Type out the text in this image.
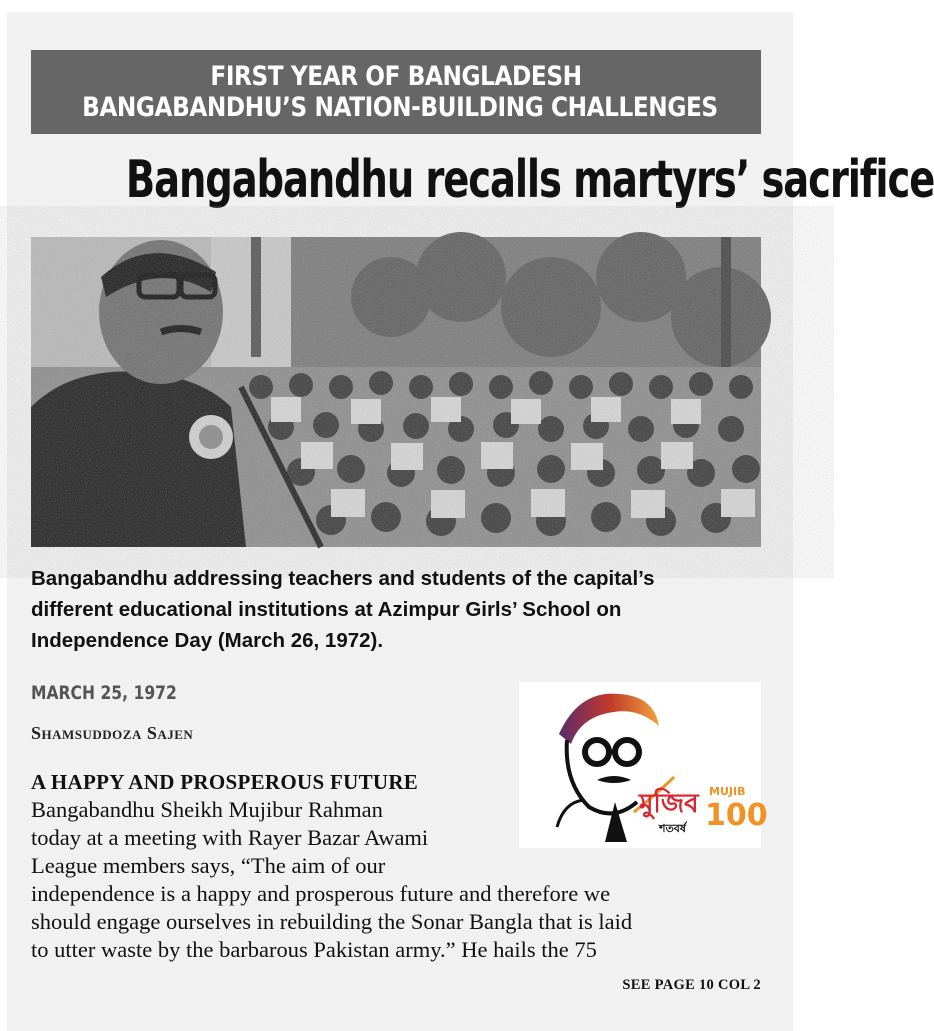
FIRST YEAR OF BANGLADESH
BANGABANDHU’S NATION-BUILDING CHALLENGES
Bangabandhu recalls martyrs’ sacrifice
Bangabandhu addressing teachers and students of the capital’s
different educational institutions at Azimpur Girls’ School on
Independence Day (March 26, 1972).
MARCH 25, 1972
Shamsuddoza Sajen
মুজিব
শতবর্ষ
MUJIB
100
A HAPPY AND PROSPEROUS FUTURE
Bangabandhu Sheikh Mujibur Rahman
today at a meeting with Rayer Bazar Awami
League members says, “The aim of our
independence is a happy and prosperous future and therefore we
should engage ourselves in rebuilding the Sonar Bangla that is laid
to utter waste by the barbarous Pakistan army.” He hails the 75
SEE PAGE 10 COL 2
